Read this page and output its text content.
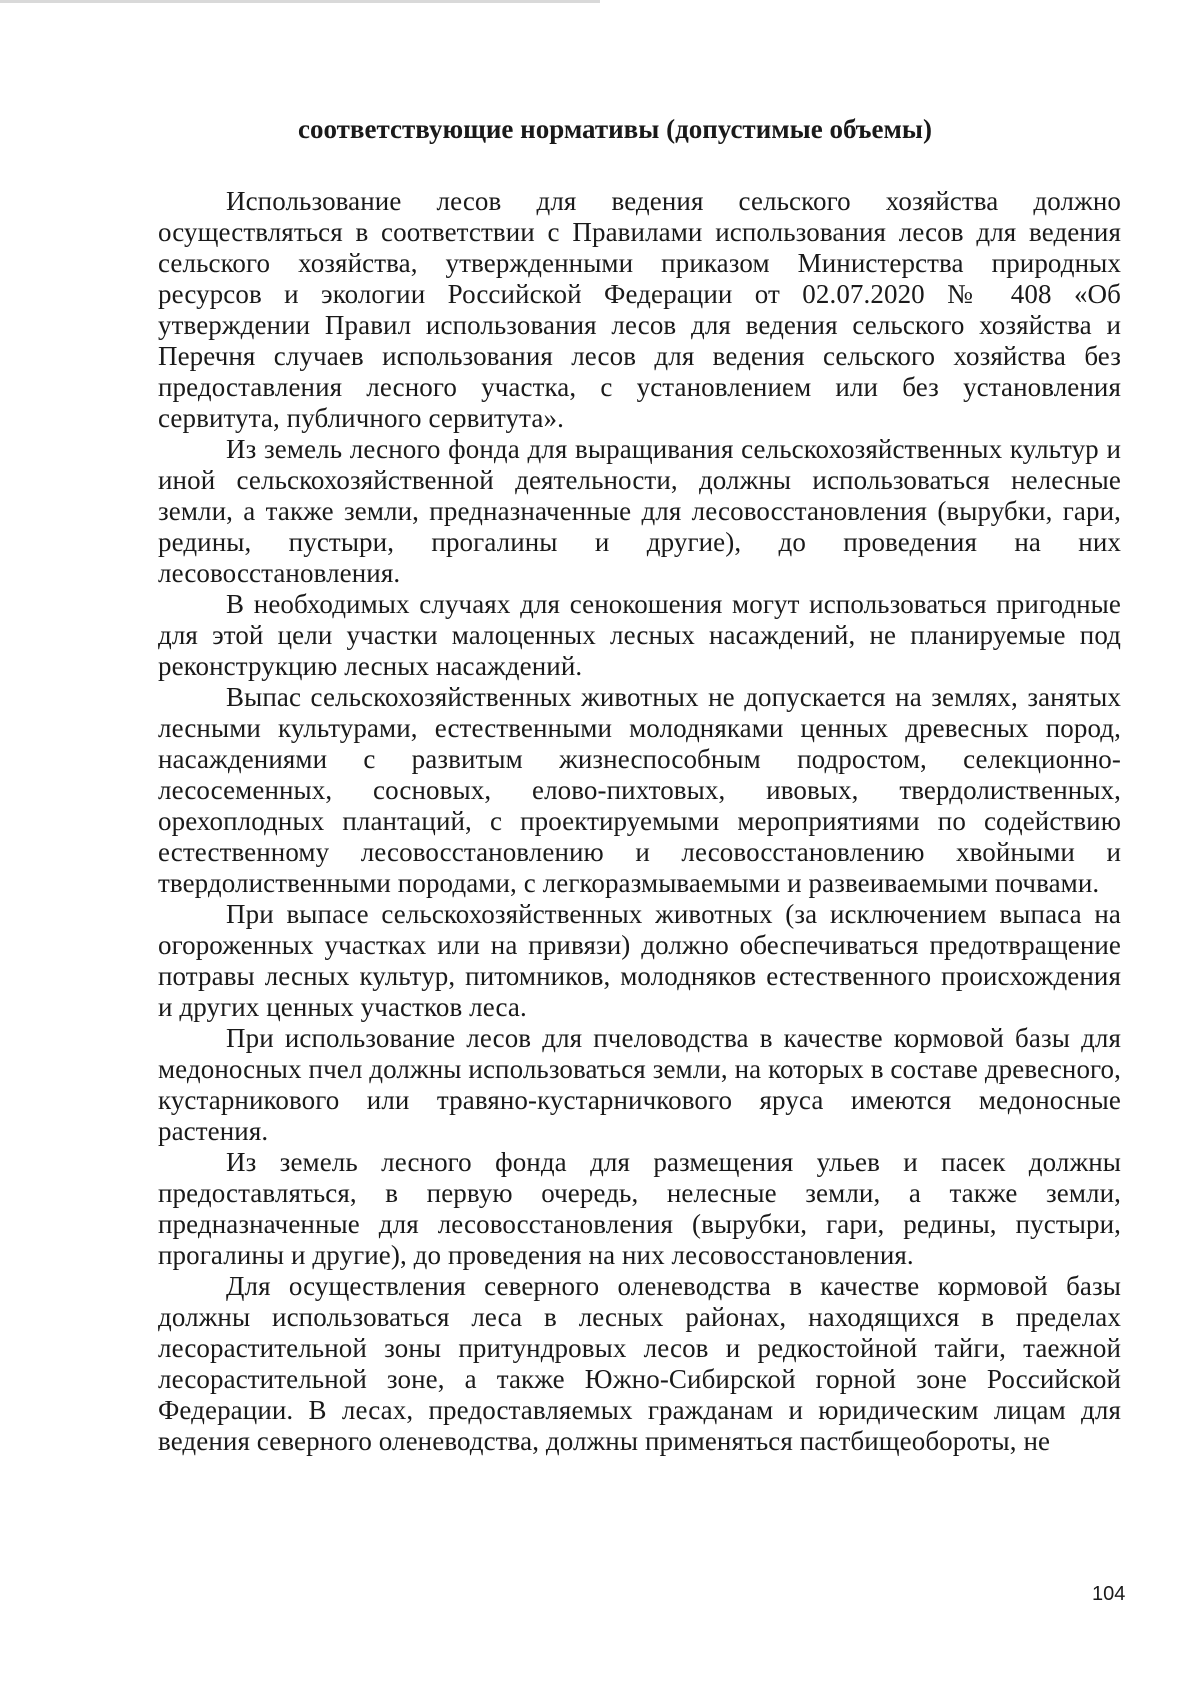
соответствующие нормативы (допустимые объемы)

Использование лесов для ведения сельского хозяйства должно осуществляться в соответствии с Правилами использования лесов для ведения сельского хозяйства, утвержденными приказом Министерства природных ресурсов и экологии Российской Федерации от 02.07.2020 № 408 «Об утверждении Правил использования лесов для ведения сельского хозяйства и Перечня случаев использования лесов для ведения сельского хозяйства без предоставления лесного участка, с установлением или без установления сервитута, публичного сервитута».

Из земель лесного фонда для выращивания сельскохозяйственных культур и иной сельскохозяйственной деятельности, должны использоваться нелесные земли, а также земли, предназначенные для лесовосстановления (вырубки, гари, редины, пустыри, прогалины и другие), до проведения на них лесовосстановления.

В необходимых случаях для сенокошения могут использоваться пригодные для этой цели участки малоценных лесных насаждений, не планируемые под реконструкцию лесных насаждений.

Выпас сельскохозяйственных животных не допускается на землях, занятых лесными культурами, естественными молодняками ценных древесных пород, насаждениями с развитым жизнеспособным подростом, селекционно-лесосеменных, сосновых, елово-пихтовых, ивовых, твердолиственных, орехоплодных плантаций, с проектируемыми мероприятиями по содействию естественному лесовосстановлению и лесовосстановлению хвойными и твердолиственными породами, с легкоразмываемыми и развеиваемыми почвами.

При выпасе сельскохозяйственных животных (за исключением выпаса на огороженных участках или на привязи) должно обеспечиваться предотвращение потравы лесных культур, питомников, молодняков естественного происхождения и других ценных участков леса.

При использование лесов для пчеловодства в качестве кормовой базы для медоносных пчел должны использоваться земли, на которых в составе древесного, кустарникового или травяно-кустарничкового яруса имеются медоносные растения.

Из земель лесного фонда для размещения ульев и пасек должны предоставляться, в первую очередь, нелесные земли, а также земли, предназначенные для лесовосстановления (вырубки, гари, редины, пустыри, прогалины и другие), до проведения на них лесовосстановления.

Для осуществления северного оленеводства в качестве кормовой базы должны использоваться леса в лесных районах, находящихся в пределах лесорастительной зоны притундровых лесов и редкостойной тайги, таежной лесорастительной зоне, а также Южно-Сибирской горной зоне Российской Федерации. В лесах, предоставляемых гражданам и юридическим лицам для ведения северного оленеводства, должны применяться пастбищеобороты, не

104
